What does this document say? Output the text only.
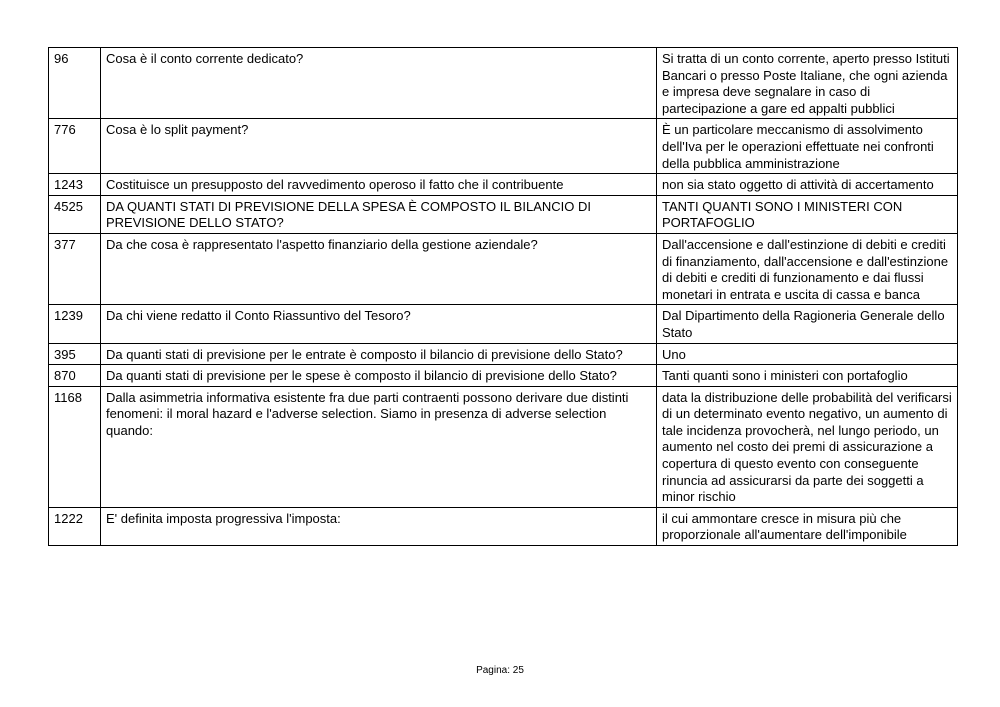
96	Cosa è il conto corrente dedicato?	Si tratta di un conto corrente, aperto presso Istituti Bancari o presso Poste Italiane, che ogni azienda e impresa deve segnalare in caso di partecipazione a gare ed appalti pubblici
776	Cosa è lo split payment?	È un particolare meccanismo di assolvimento dell'Iva per le operazioni effettuate nei confronti della pubblica amministrazione
1243	Costituisce un presupposto del ravvedimento operoso il fatto che il contribuente	non sia stato oggetto di attività di accertamento
4525	DA QUANTI STATI DI PREVISIONE DELLA SPESA È COMPOSTO IL BILANCIO DI PREVISIONE DELLO STATO?	TANTI QUANTI SONO I MINISTERI CON PORTAFOGLIO
377	Da che cosa è rappresentato l'aspetto finanziario della gestione aziendale?	Dall'accensione e dall'estinzione di debiti e crediti di finanziamento, dall'accensione e dall'estinzione di debiti e crediti di funzionamento e dai flussi monetari in entrata e uscita di cassa e banca
1239	Da chi viene redatto il Conto Riassuntivo del Tesoro?	Dal Dipartimento della Ragioneria Generale dello Stato
395	Da quanti stati di previsione per le entrate è composto il bilancio di previsione dello Stato?	Uno
870	Da quanti stati di previsione per le spese è composto il bilancio di previsione dello Stato?	Tanti quanti sono i ministeri con portafoglio
1168	Dalla asimmetria informativa esistente fra due parti contraenti possono derivare due distinti fenomeni: il moral hazard e l'adverse selection. Siamo in presenza di adverse selection quando:	data la distribuzione delle probabilità del verificarsi di un determinato evento negativo, un aumento di tale incidenza provocherà, nel lungo periodo, un aumento nel costo dei premi di assicurazione a copertura di questo evento con conseguente rinuncia ad assicurarsi da parte dei soggetti a minor rischio
1222	E' definita imposta progressiva l'imposta:	il cui ammontare cresce in misura più che proporzionale all'aumentare dell'imponibile
Pagina: 25
